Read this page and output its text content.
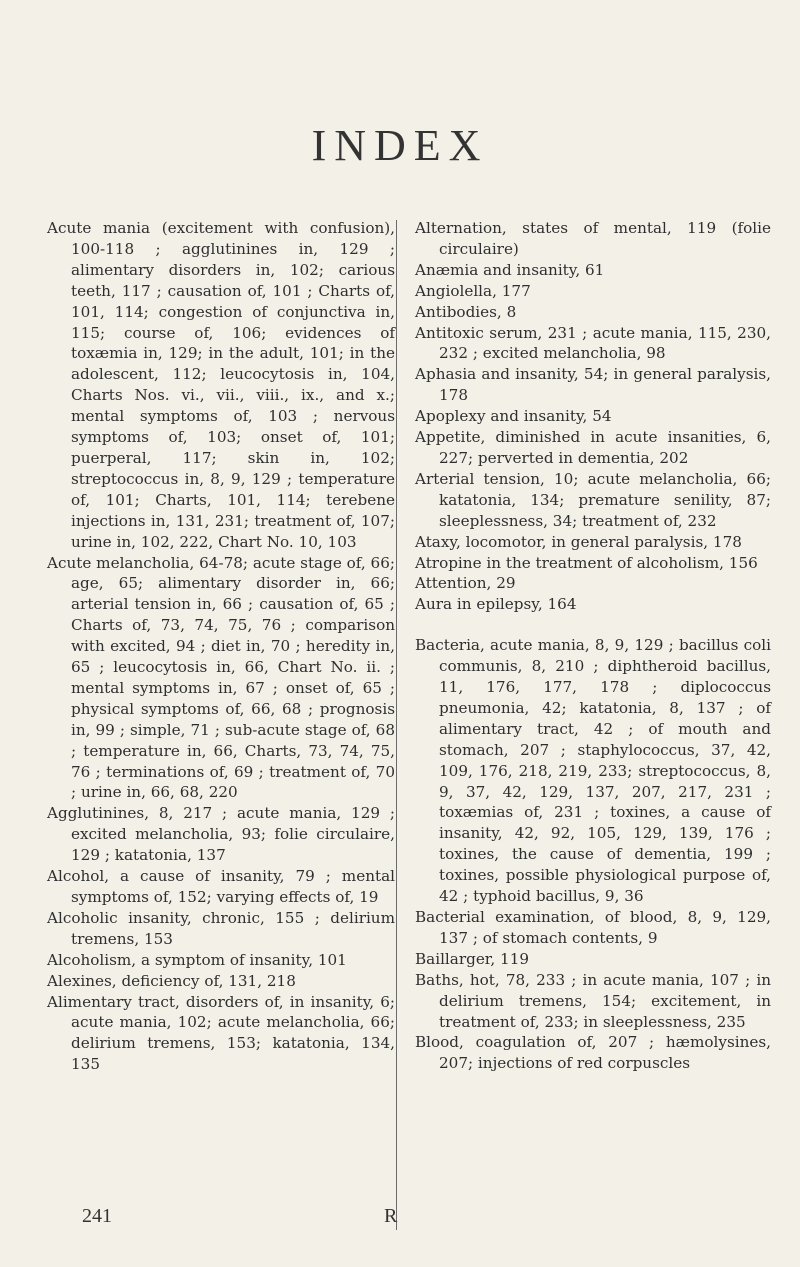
INDEX

Acute mania (excitement with confusion), 100-118 ; agglutinines in, 129 ; alimentary disorders in, 102; carious teeth, 117 ; causation of, 101 ; Charts of, 101, 114; congestion of conjunctiva in, 115; course of, 106; evidences of toxæmia in, 129; in the adult, 101; in the adolescent, 112; leucocytosis in, 104, Charts Nos. vi., vii., viii., ix., and x.; mental symptoms of, 103 ; nervous symptoms of, 103; onset of, 101; puerperal, 117; skin in, 102; streptococcus in, 8, 9, 129 ; temperature of, 101; Charts, 101, 114; terebene injections in, 131, 231; treatment of, 107; urine in, 102, 222, Chart No. 10, 103

Acute melancholia, 64-78; acute stage of, 66; age, 65; alimentary disorder in, 66; arterial tension in, 66 ; causation of, 65 ; Charts of, 73, 74, 75, 76 ; comparison with excited, 94 ; diet in, 70 ; heredity in, 65 ; leucocytosis in, 66, Chart No. ii. ; mental symptoms in, 67 ; onset of, 65 ; physical symptoms of, 66, 68 ; prognosis in, 99 ; simple, 71 ; sub-acute stage of, 68 ; temperature in, 66, Charts, 73, 74, 75, 76 ; terminations of, 69 ; treatment of, 70 ; urine in, 66, 68, 220

Agglutinines, 8, 217 ; acute mania, 129 ; excited melancholia, 93; folie circulaire, 129 ; katatonia, 137

Alcohol, a cause of insanity, 79 ; mental symptoms of, 152; varying effects of, 19

Alcoholic insanity, chronic, 155 ; delirium tremens, 153

Alcoholism, a symptom of insanity, 101

Alexines, deficiency of, 131, 218

Alimentary tract, disorders of, in insanity, 6; acute mania, 102; acute melancholia, 66; delirium tremens, 153; katatonia, 134, 135

Alternation, states of mental, 119 (folie circulaire)

Anæmia and insanity, 61

Angiolella, 177

Antibodies, 8

Antitoxic serum, 231 ; acute mania, 115, 230, 232 ; excited melancholia, 98

Aphasia and insanity, 54; in general paralysis, 178

Apoplexy and insanity, 54

Appetite, diminished in acute insanities, 6, 227; perverted in dementia, 202

Arterial tension, 10; acute melancholia, 66; katatonia, 134; premature senility, 87; sleeplessness, 34; treatment of, 232

Ataxy, locomotor, in general paralysis, 178

Atropine in the treatment of alcoholism, 156

Attention, 29

Aura in epilepsy, 164

Bacteria, acute mania, 8, 9, 129 ; bacillus coli communis, 8, 210 ; diphtheroid bacillus, 11, 176, 177, 178 ; diplococcus pneumonia, 42; katatonia, 8, 137 ; of alimentary tract, 42 ; of mouth and stomach, 207 ; staphylococcus, 37, 42, 109, 176, 218, 219, 233; streptococcus, 8, 9, 37, 42, 129, 137, 207, 217, 231 ; toxæmias of, 231 ; toxines, a cause of insanity, 42, 92, 105, 129, 139, 176 ; toxines, the cause of dementia, 199 ; toxines, possible physiological purpose of, 42 ; typhoid bacillus, 9, 36

Bacterial examination, of blood, 8, 9, 129, 137 ; of stomach contents, 9

Baillarger, 119

Baths, hot, 78, 233 ; in acute mania, 107 ; in delirium tremens, 154; excitement, in treatment of, 233; in sleeplessness, 235

Blood, coagulation of, 207 ; hæmolysines, 207; injections of red corpuscles

241	R
